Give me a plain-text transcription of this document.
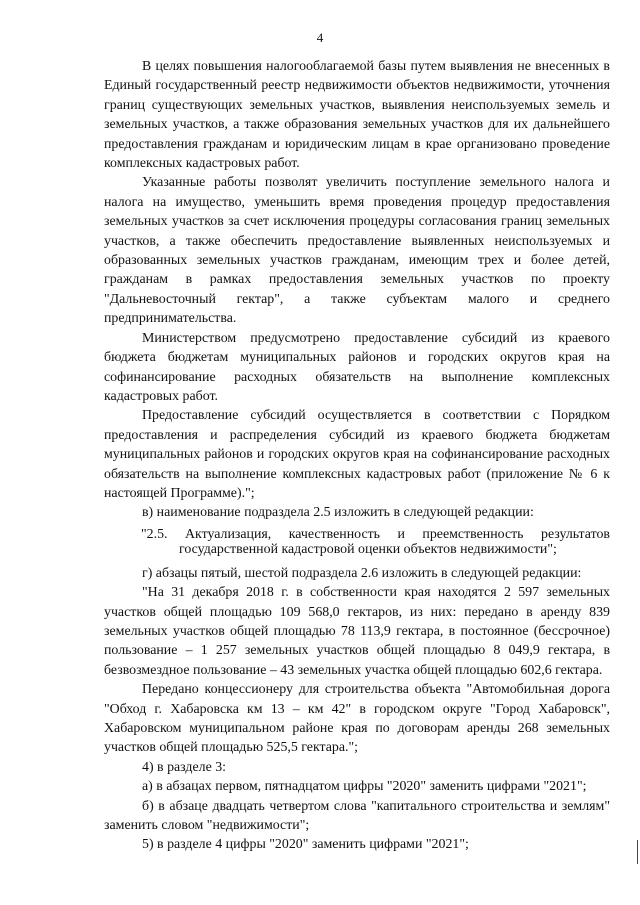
4

В целях повышения налогооблагаемой базы путем выявления не внесенных в Единый государственный реестр недвижимости объектов недвижимости, уточнения границ существующих земельных участков, выявления неиспользуемых земель и земельных участков, а также образования земельных участков для их дальнейшего предоставления гражданам и юридическим лицам в крае организовано проведение комплексных кадастровых работ.

Указанные работы позволят увеличить поступление земельного налога и налога на имущество, уменьшить время проведения процедур предоставления земельных участков за счет исключения процедуры согласования границ земельных участков, а также обеспечить предоставление выявленных неиспользуемых и образованных земельных участков гражданам, имеющим трех и более детей, гражданам в рамках предоставления земельных участков по проекту "Дальневосточный гектар", а также субъектам малого и среднего предпринимательства.

Министерством предусмотрено предоставление субсидий из краевого бюджета бюджетам муниципальных районов и городских округов края на софинансирование расходных обязательств на выполнение комплексных кадастровых работ.

Предоставление субсидий осуществляется в соответствии с Порядком предоставления и распределения субсидий из краевого бюджета бюджетам муниципальных районов и городских округов края на софинансирование расходных обязательств на выполнение комплексных кадастровых работ (приложение № 6 к настоящей Программе).";

в) наименование подраздела 2.5 изложить в следующей редакции:

"2.5. Актуализация, качественность и преемственность результатов государственной кадастровой оценки объектов недвижимости";

г) абзацы пятый, шестой подраздела 2.6 изложить в следующей редакции:

"На 31 декабря 2018 г. в собственности края находятся 2 597 земельных участков общей площадью 109 568,0 гектаров, из них: передано в аренду 839 земельных участков общей площадью 78 113,9 гектара, в постоянное (бессрочное) пользование – 1 257 земельных участков общей площадью 8 049,9 гектара, в безвозмездное пользование – 43 земельных участка общей площадью 602,6 гектара.

Передано концессионеру для строительства объекта "Автомобильная дорога "Обход г. Хабаровска км 13 – км 42" в городском округе "Город Хабаровск", Хабаровском муниципальном районе края по договорам аренды 268 земельных участков общей площадью 525,5 гектара.";

4) в разделе 3:

а) в абзацах первом, пятнадцатом цифры "2020" заменить цифрами "2021";

б) в абзаце двадцать четвертом слова "капитального строительства и землям" заменить словом "недвижимости";

5) в разделе 4 цифры "2020" заменить цифрами "2021";
